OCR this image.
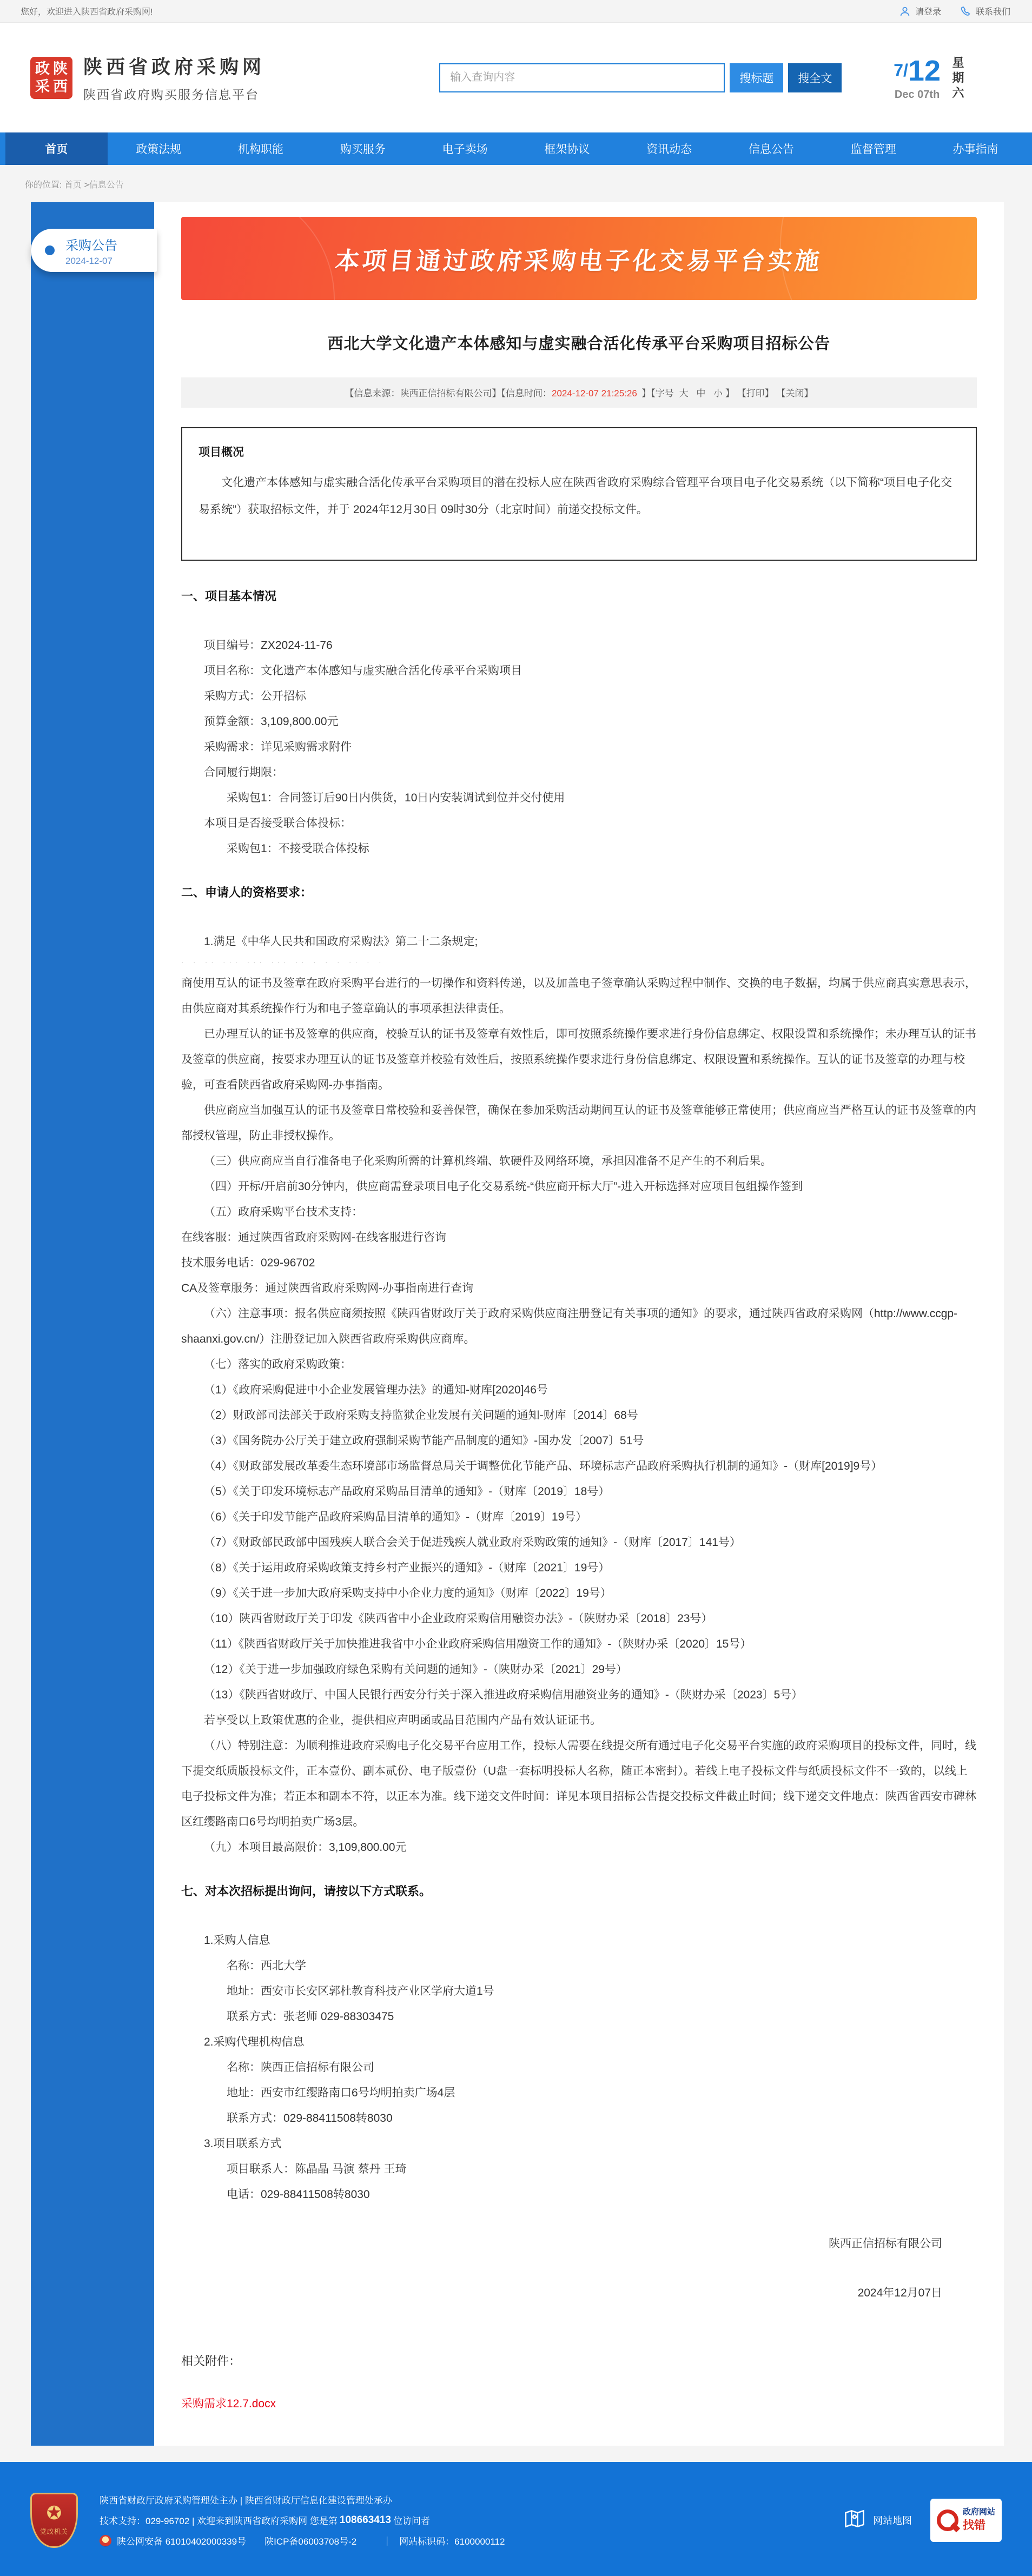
您好，欢迎进入陕西省政府采购网!	请登录	联系我们
政 陕
采 西
陕西省政府采购网
陕西省政府购买服务信息平台
输入查询内容
搜标题	搜全文	7/12
Dec 07th 星期六
首页	政策法规	机构职能	购买服务	电子卖场	框架协议	资讯动态	信息公告	监督管理	办事指南
你的位置: 首页 >信息公告
采购公告
2024-12-07	本项目通过政府采购电子化交易平台实施
西北大学文化遗产本体感知与虚实融合活化传承平台采购项目招标公告
【信息来源：陕西正信招标有限公司】【信息时间：2024-12-07 21:25:26 】【字号 大 中 小 】 【打印】 【关闭】
项目概况

文化遗产本体感知与虚实融合活化传承平台采购项目的潜在投标人应在陕西省政府采购综合管理平台项目电子化交易系统（以下简称“项目电子化交易系统”）获取招标文件，并于 2024年12月30日 09时30分（北京时间）前递交投标文件。

一、项目基本情况

项目编号：ZX2024-11-76

项目名称：文化遗产本体感知与虚实融合活化传承平台采购项目

采购方式：公开招标

预算金额：3,109,800.00元

采购需求：详见采购需求附件

合同履行期限：

采购包1：合同签订后90日内供货，10日内安装调试到位并交付使用

本项目是否接受联合体投标：

采购包1：不接受联合体投标

二、申请人的资格要求：

1.满足《中华人民共和国政府采购法》第二十二条规定;

· · ·· ··· ··· ··· ·· · · · ·· · ·

商使用互认的证书及签章在政府采购平台进行的一切操作和资料传递，以及加盖电子签章确认采购过程中制作、交换的电子数据，均属于供应商真实意思表示，由供应商对其系统操作行为和电子签章确认的事项承担法律责任。

已办理互认的证书及签章的供应商，校验互认的证书及签章有效性后，即可按照系统操作要求进行身份信息绑定、权限设置和系统操作；未办理互认的证书及签章的供应商，按要求办理互认的证书及签章并校验有效性后，按照系统操作要求进行身份信息绑定、权限设置和系统操作。互认的证书及签章的办理与校验，可查看陕西省政府采购网-办事指南。

供应商应当加强互认的证书及签章日常校验和妥善保管，确保在参加采购活动期间互认的证书及签章能够正常使用；供应商应当严格互认的证书及签章的内部授权管理，防止非授权操作。

（三）供应商应当自行准备电子化采购所需的计算机终端、软硬件及网络环境，承担因准备不足产生的不利后果。

（四）开标/开启前30分钟内，供应商需登录项目电子化交易系统-“供应商开标大厅”-进入开标选择对应项目包组操作签到

（五）政府采购平台技术支持：

在线客服：通过陕西省政府采购网-在线客服进行咨询

技术服务电话：029-96702

CA及签章服务：通过陕西省政府采购网-办事指南进行查询

（六）注意事项：报名供应商须按照《陕西省财政厅关于政府采购供应商注册登记有关事项的通知》的要求，通过陕西省政府采购网（http://www.ccgp-shaanxi.gov.cn/）注册登记加入陕西省政府采购供应商库。

（七）落实的政府采购政策：

（1）《政府采购促进中小企业发展管理办法》的通知-财库[2020]46号

（2）财政部司法部关于政府采购支持监狱企业发展有关问题的通知-财库〔2014〕68号

（3）《国务院办公厅关于建立政府强制采购节能产品制度的通知》-国办发〔2007〕51号

（4）《财政部发展改革委生态环境部市场监督总局关于调整优化节能产品、环境标志产品政府采购执行机制的通知》-（财库[2019]9号）

（5）《关于印发环境标志产品政府采购品目清单的通知》-（财库〔2019〕18号）

（6）《关于印发节能产品政府采购品目清单的通知》-（财库〔2019〕19号）

（7）《财政部民政部中国残疾人联合会关于促进残疾人就业政府采购政策的通知》-（财库〔2017〕141号）

（8）《关于运用政府采购政策支持乡村产业振兴的通知》-（财库〔2021〕19号）

（9）《关于进一步加大政府采购支持中小企业力度的通知》（财库〔2022〕19号）

（10）陕西省财政厅关于印发《陕西省中小企业政府采购信用融资办法》-（陕财办采〔2018〕23号）

（11）《陕西省财政厅关于加快推进我省中小企业政府采购信用融资工作的通知》-（陕财办采〔2020〕15号）

（12）《关于进一步加强政府绿色采购有关问题的通知》-（陕财办采〔2021〕29号）

（13）《陕西省财政厅、中国人民银行西安分行关于深入推进政府采购信用融资业务的通知》-（陕财办采〔2023〕5号）

若享受以上政策优惠的企业，提供相应声明函或品目范围内产品有效认证证书。

（八）特别注意：为顺利推进政府采购电子化交易平台应用工作，投标人需要在线提交所有通过电子化交易平台实施的政府采购项目的投标文件，同时，线下提交纸质版投标文件，正本壹份、副本贰份、电子版壹份（U盘一套标明投标人名称，随正本密封）。若线上电子投标文件与纸质投标文件不一致的，以线上电子投标文件为准；若正本和副本不符，以正本为准。线下递交文件时间：详见本项目招标公告提交投标文件截止时间；线下递交文件地点：陕西省西安市碑林区红缨路南口6号均明拍卖广场3层。

（九）本项目最高限价：3,109,800.00元

七、对本次招标提出询问，请按以下方式联系。

1.采购人信息

名称：西北大学

地址：西安市长安区郭杜教育科技产业区学府大道1号

联系方式：张老师 029-88303475

2.采购代理机构信息

名称：陕西正信招标有限公司

地址：西安市红缨路南口6号均明拍卖广场4层

联系方式：029-88411508转8030

3.项目联系方式

项目联系人：陈晶晶 马演 蔡丹 王琦

电话：029-88411508转8030

陕西正信招标有限公司

2024年12月07日

相关附件：
采购需求12.7.docx
✪
党政机关
陕西省财政厅政府采购管理处主办 | 陕西省财政厅信息化建设管理处承办
技术支持：029-96702 | 欢迎来到陕西省政府采购网 您是第 108663413 位访问者
陕公网安备 61010402000339号 陕ICP备06003708号-2	｜ 网站标识码：6100000112
网站地图
政府网站
找错
